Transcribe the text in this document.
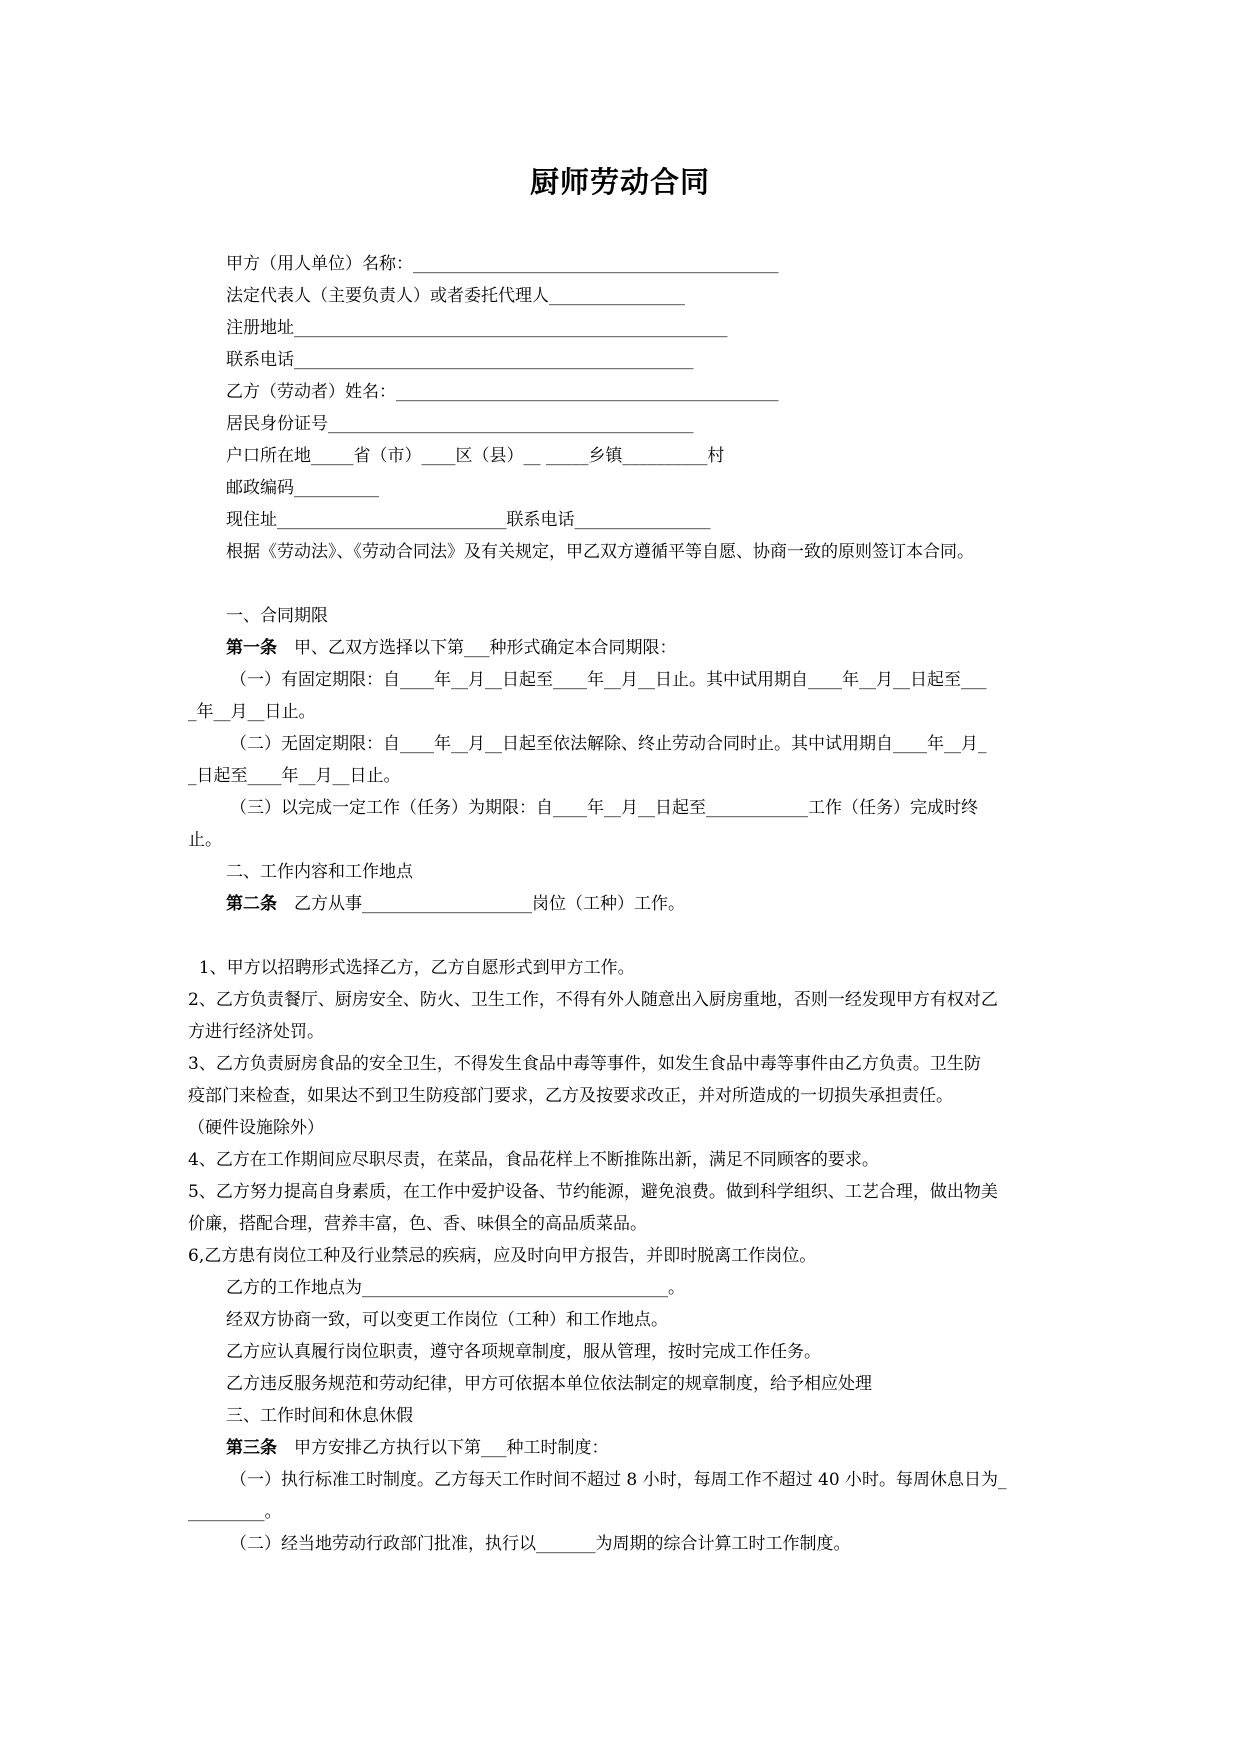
厨师劳动合同
甲方（用人单位）名称：___________________________________________
法定代表人（主要负责人）或者委托代理人________________
注册地址___________________________________________________
联系电话_______________________________________________
乙方（劳动者）姓名：_____________________________________________
居民身份证号___________________________________________
户口所在地_____省（市）____区（县）__ _____乡镇__________村
邮政编码__________
现住址___________________________联系电话________________
根据《劳动法》、《劳动合同法》及有关规定，甲乙双方遵循平等自愿、协商一致的原则签订本合同。
一、合同期限
第一条　甲、乙双方选择以下第___种形式确定本合同期限：
（一）有固定期限：自____年__月__日起至____年__月__日止。其中试用期自____年__月__日起至___
_年__月__日止。
（二）无固定期限：自____年__月__日起至依法解除、终止劳动合同时止。其中试用期自____年__月_
_日起至____年__月__日止。
（三）以完成一定工作（任务）为期限：自____年__月__日起至____________工作（任务）完成时终
止。
二、工作内容和工作地点
第二条　乙方从事____________________岗位（工种）工作。
1、甲方以招聘形式选择乙方，乙方自愿形式到甲方工作。
2、乙方负责餐厅、厨房安全、防火、卫生工作，不得有外人随意出入厨房重地，否则一经发现甲方有权对乙
方进行经济处罚。
3、乙方负责厨房食品的安全卫生，不得发生食品中毒等事件，如发生食品中毒等事件由乙方负责。卫生防
疫部门来检查，如果达不到卫生防疫部门要求，乙方及按要求改正，并对所造成的一切损失承担责任。
（硬件设施除外）
4、乙方在工作期间应尽职尽责，在菜品，食品花样上不断推陈出新，满足不同顾客的要求。
5、乙方努力提高自身素质，在工作中爱护设备、节约能源，避免浪费。做到科学组织、工艺合理，做出物美
价廉，搭配合理，营养丰富，色、香、味俱全的高品质菜品。
6,乙方患有岗位工种及行业禁忌的疾病，应及时向甲方报告，并即时脱离工作岗位。
乙方的工作地点为____________________________________。
经双方协商一致，可以变更工作岗位（工种）和工作地点。
乙方应认真履行岗位职责，遵守各项规章制度，服从管理，按时完成工作任务。
乙方违反服务规范和劳动纪律，甲方可依据本单位依法制定的规章制度，给予相应处理
三、工作时间和休息休假
第三条　甲方安排乙方执行以下第___种工时制度：
（一）执行标准工时制度。乙方每天工作时间不超过 8 小时，每周工作不超过 40 小时。每周休息日为_
_________。
（二）经当地劳动行政部门批准，执行以_______为周期的综合计算工时工作制度。
